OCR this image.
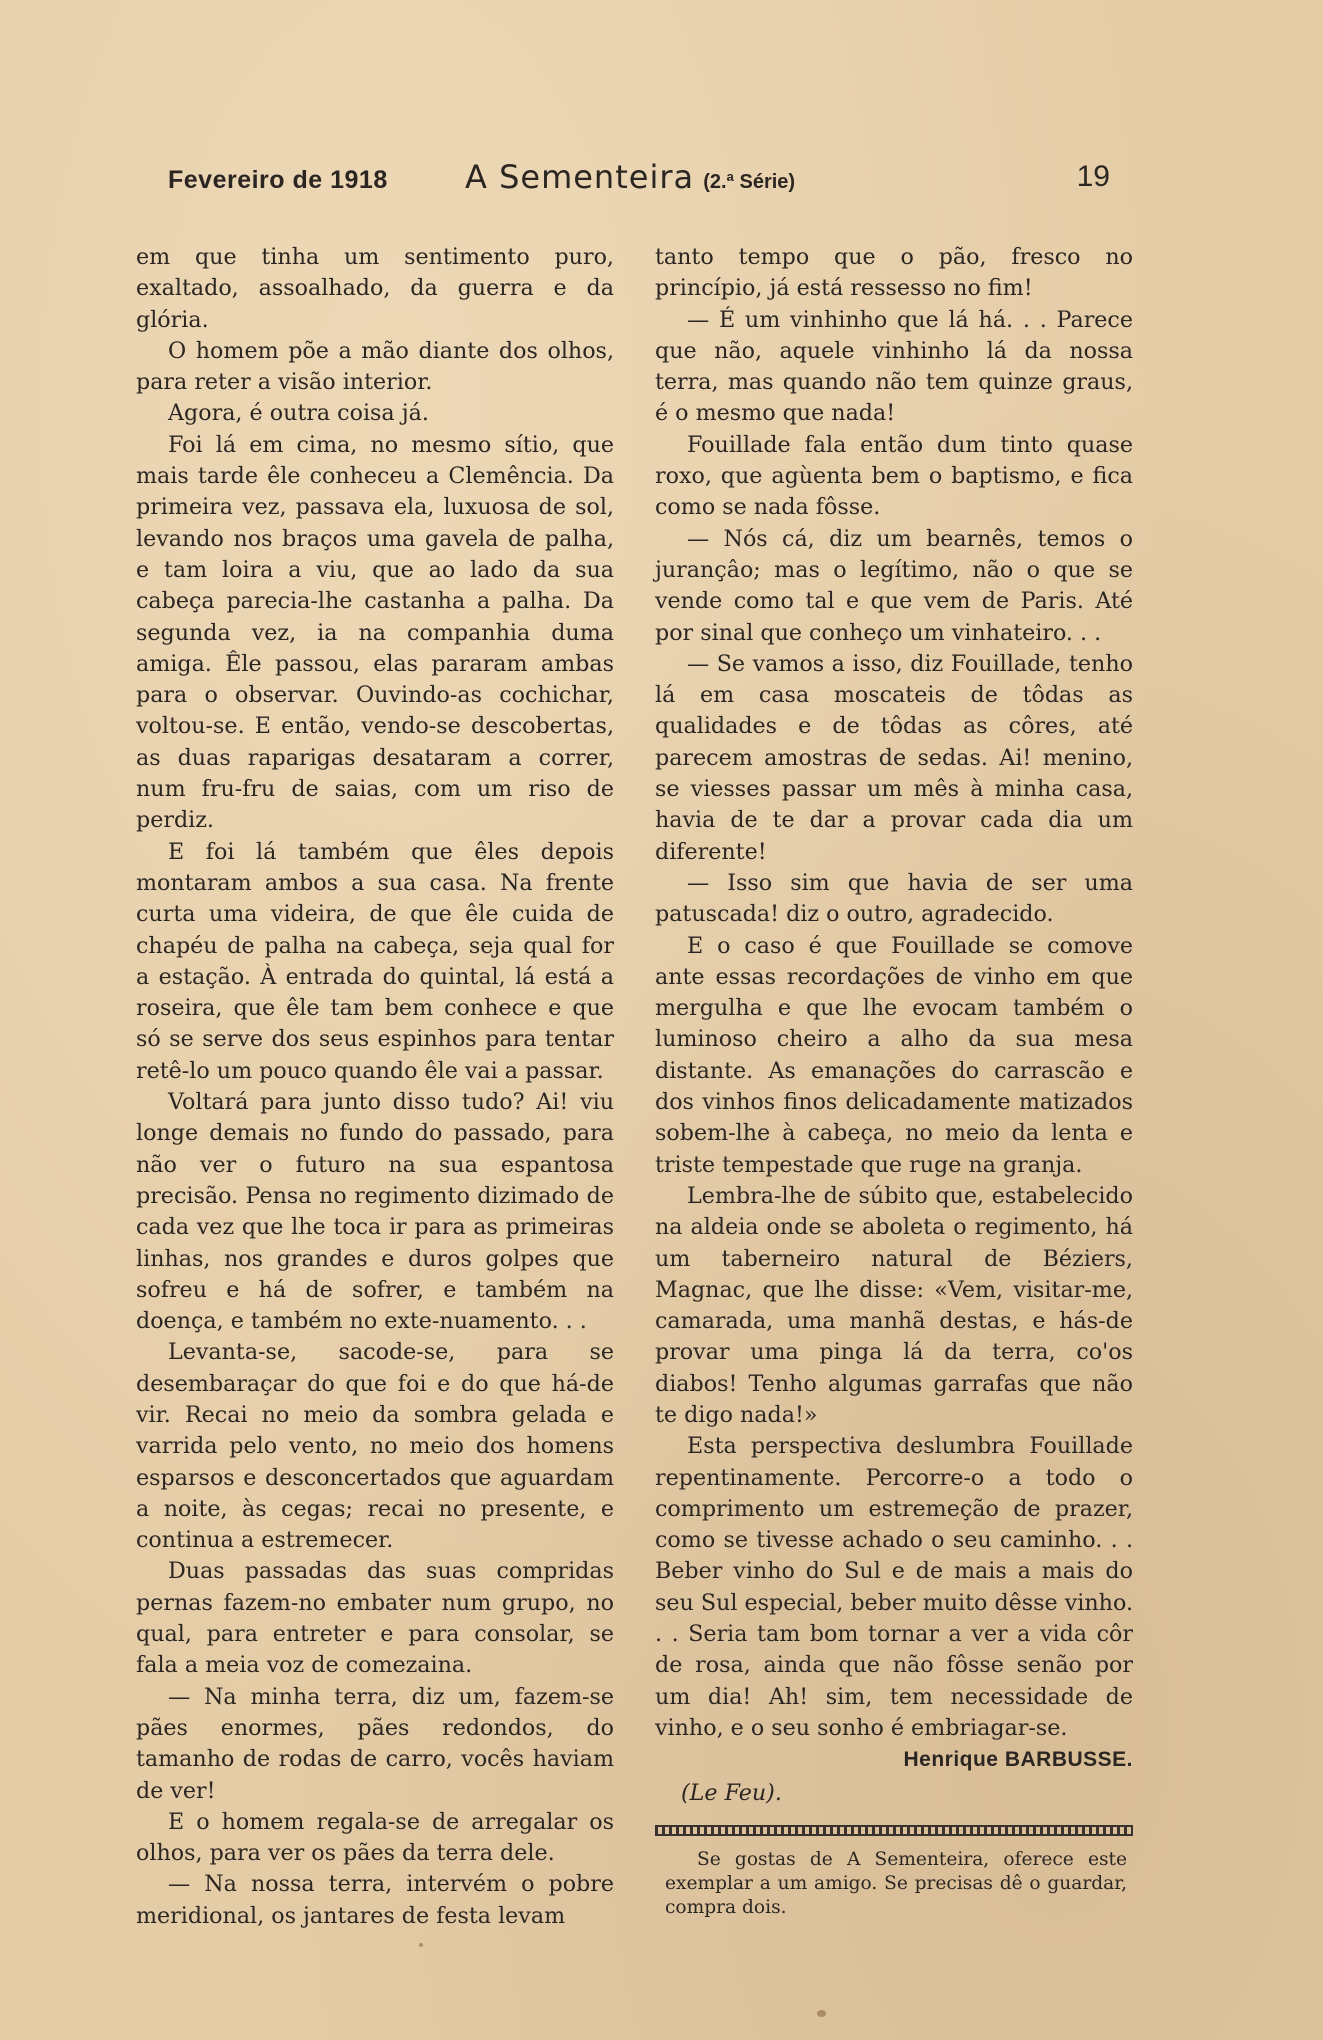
Fevereiro de 1918 A Sementeira (2.ª Série)	19

em que tinha um sentimento puro, exaltado, assoalhado, da guerra e da glória.

O homem põe a mão diante dos olhos, para reter a visão interior.

Agora, é outra coisa já.

Foi lá em cima, no mesmo sítio, que mais tarde êle conheceu a Clemência. Da primeira vez, passava ela, luxuosa de sol, levando nos braços uma gavela de palha, e tam loira a viu, que ao lado da sua cabeça parecia-lhe castanha a palha. Da segunda vez, ia na companhia duma amiga. Êle passou, elas pararam ambas para o observar. Ouvindo-as cochichar, voltou-se. E então, vendo-se descobertas, as duas raparigas desataram a correr, num fru-fru de saias, com um riso de perdiz.

E foi lá também que êles depois montaram ambos a sua casa. Na frente curta uma videira, de que êle cuida de chapéu de palha na cabeça, seja qual for a estação. À entrada do quintal, lá está a roseira, que êle tam bem conhece e que só se serve dos seus espinhos para tentar retê-lo um pouco quando êle vai a passar.

Voltará para junto disso tudo? Ai! viu longe demais no fundo do passado, para não ver o futuro na sua espantosa precisão. Pensa no regimento dizimado de cada vez que lhe toca ir para as primeiras linhas, nos grandes e duros golpes que sofreu e há de sofrer, e também na doença, e também no exte-nuamento. . .

Levanta-se, sacode-se, para se desembaraçar do que foi e do que há-de vir. Recai no meio da sombra gelada e varrida pelo vento, no meio dos homens esparsos e desconcertados que aguardam a noite, às cegas; recai no presente, e continua a estremecer.

Duas passadas das suas compridas pernas fazem-no embater num grupo, no qual, para entreter e para consolar, se fala a meia voz de comezaina.

— Na minha terra, diz um, fazem-se pães enormes, pães redondos, do tamanho de rodas de carro, vocês haviam de ver!

E o homem regala-se de arregalar os olhos, para ver os pães da terra dele.

— Na nossa terra, intervém o pobre meridional, os jantares de festa levam

tanto tempo que o pão, fresco no princípio, já está ressesso no fim!

— É um vinhinho que lá há. . . Parece que não, aquele vinhinho lá da nossa terra, mas quando não tem quinze graus, é o mesmo que nada!

Fouillade fala então dum tinto quase roxo, que agùenta bem o baptismo, e fica como se nada fôsse.

— Nós cá, diz um bearnês, temos o jurançâo; mas o legítimo, não o que se vende como tal e que vem de Paris. Até por sinal que conheço um vinhateiro. . .

— Se vamos a isso, diz Fouillade, tenho lá em casa moscateis de tôdas as qualidades e de tôdas as côres, até parecem amostras de sedas. Ai! menino, se viesses passar um mês à minha casa, havia de te dar a provar cada dia um diferente!

— Isso sim que havia de ser uma patuscada! diz o outro, agradecido.

E o caso é que Fouillade se comove ante essas recordações de vinho em que mergulha e que lhe evocam também o luminoso cheiro a alho da sua mesa distante. As emanações do carrascão e dos vinhos finos delicadamente matizados sobem-lhe à cabeça, no meio da lenta e triste tempestade que ruge na granja.

Lembra-lhe de súbito que, estabelecido na aldeia onde se aboleta o regimento, há um taberneiro natural de Béziers, Magnac, que lhe disse: «Vem, visitar-me, camarada, uma manhã destas, e hás-de provar uma pinga lá da terra, co'os diabos! Tenho algumas garrafas que não te digo nada!»

Esta perspectiva deslumbra Fouillade repentinamente. Percorre-o a todo o comprimento um estremeção de prazer, como se tivesse achado o seu caminho. . . Beber vinho do Sul e de mais a mais do seu Sul especial, beber muito dêsse vinho. . . Seria tam bom tornar a ver a vida côr de rosa, ainda que não fôsse senão por um dia! Ah! sim, tem necessidade de vinho, e o seu sonho é embriagar-se.

Henrique BARBUSSE.
(Le Feu).

Se gostas de A Sementeira, oferece este exemplar a um amigo. Se precisas dê o guardar, compra dois.
